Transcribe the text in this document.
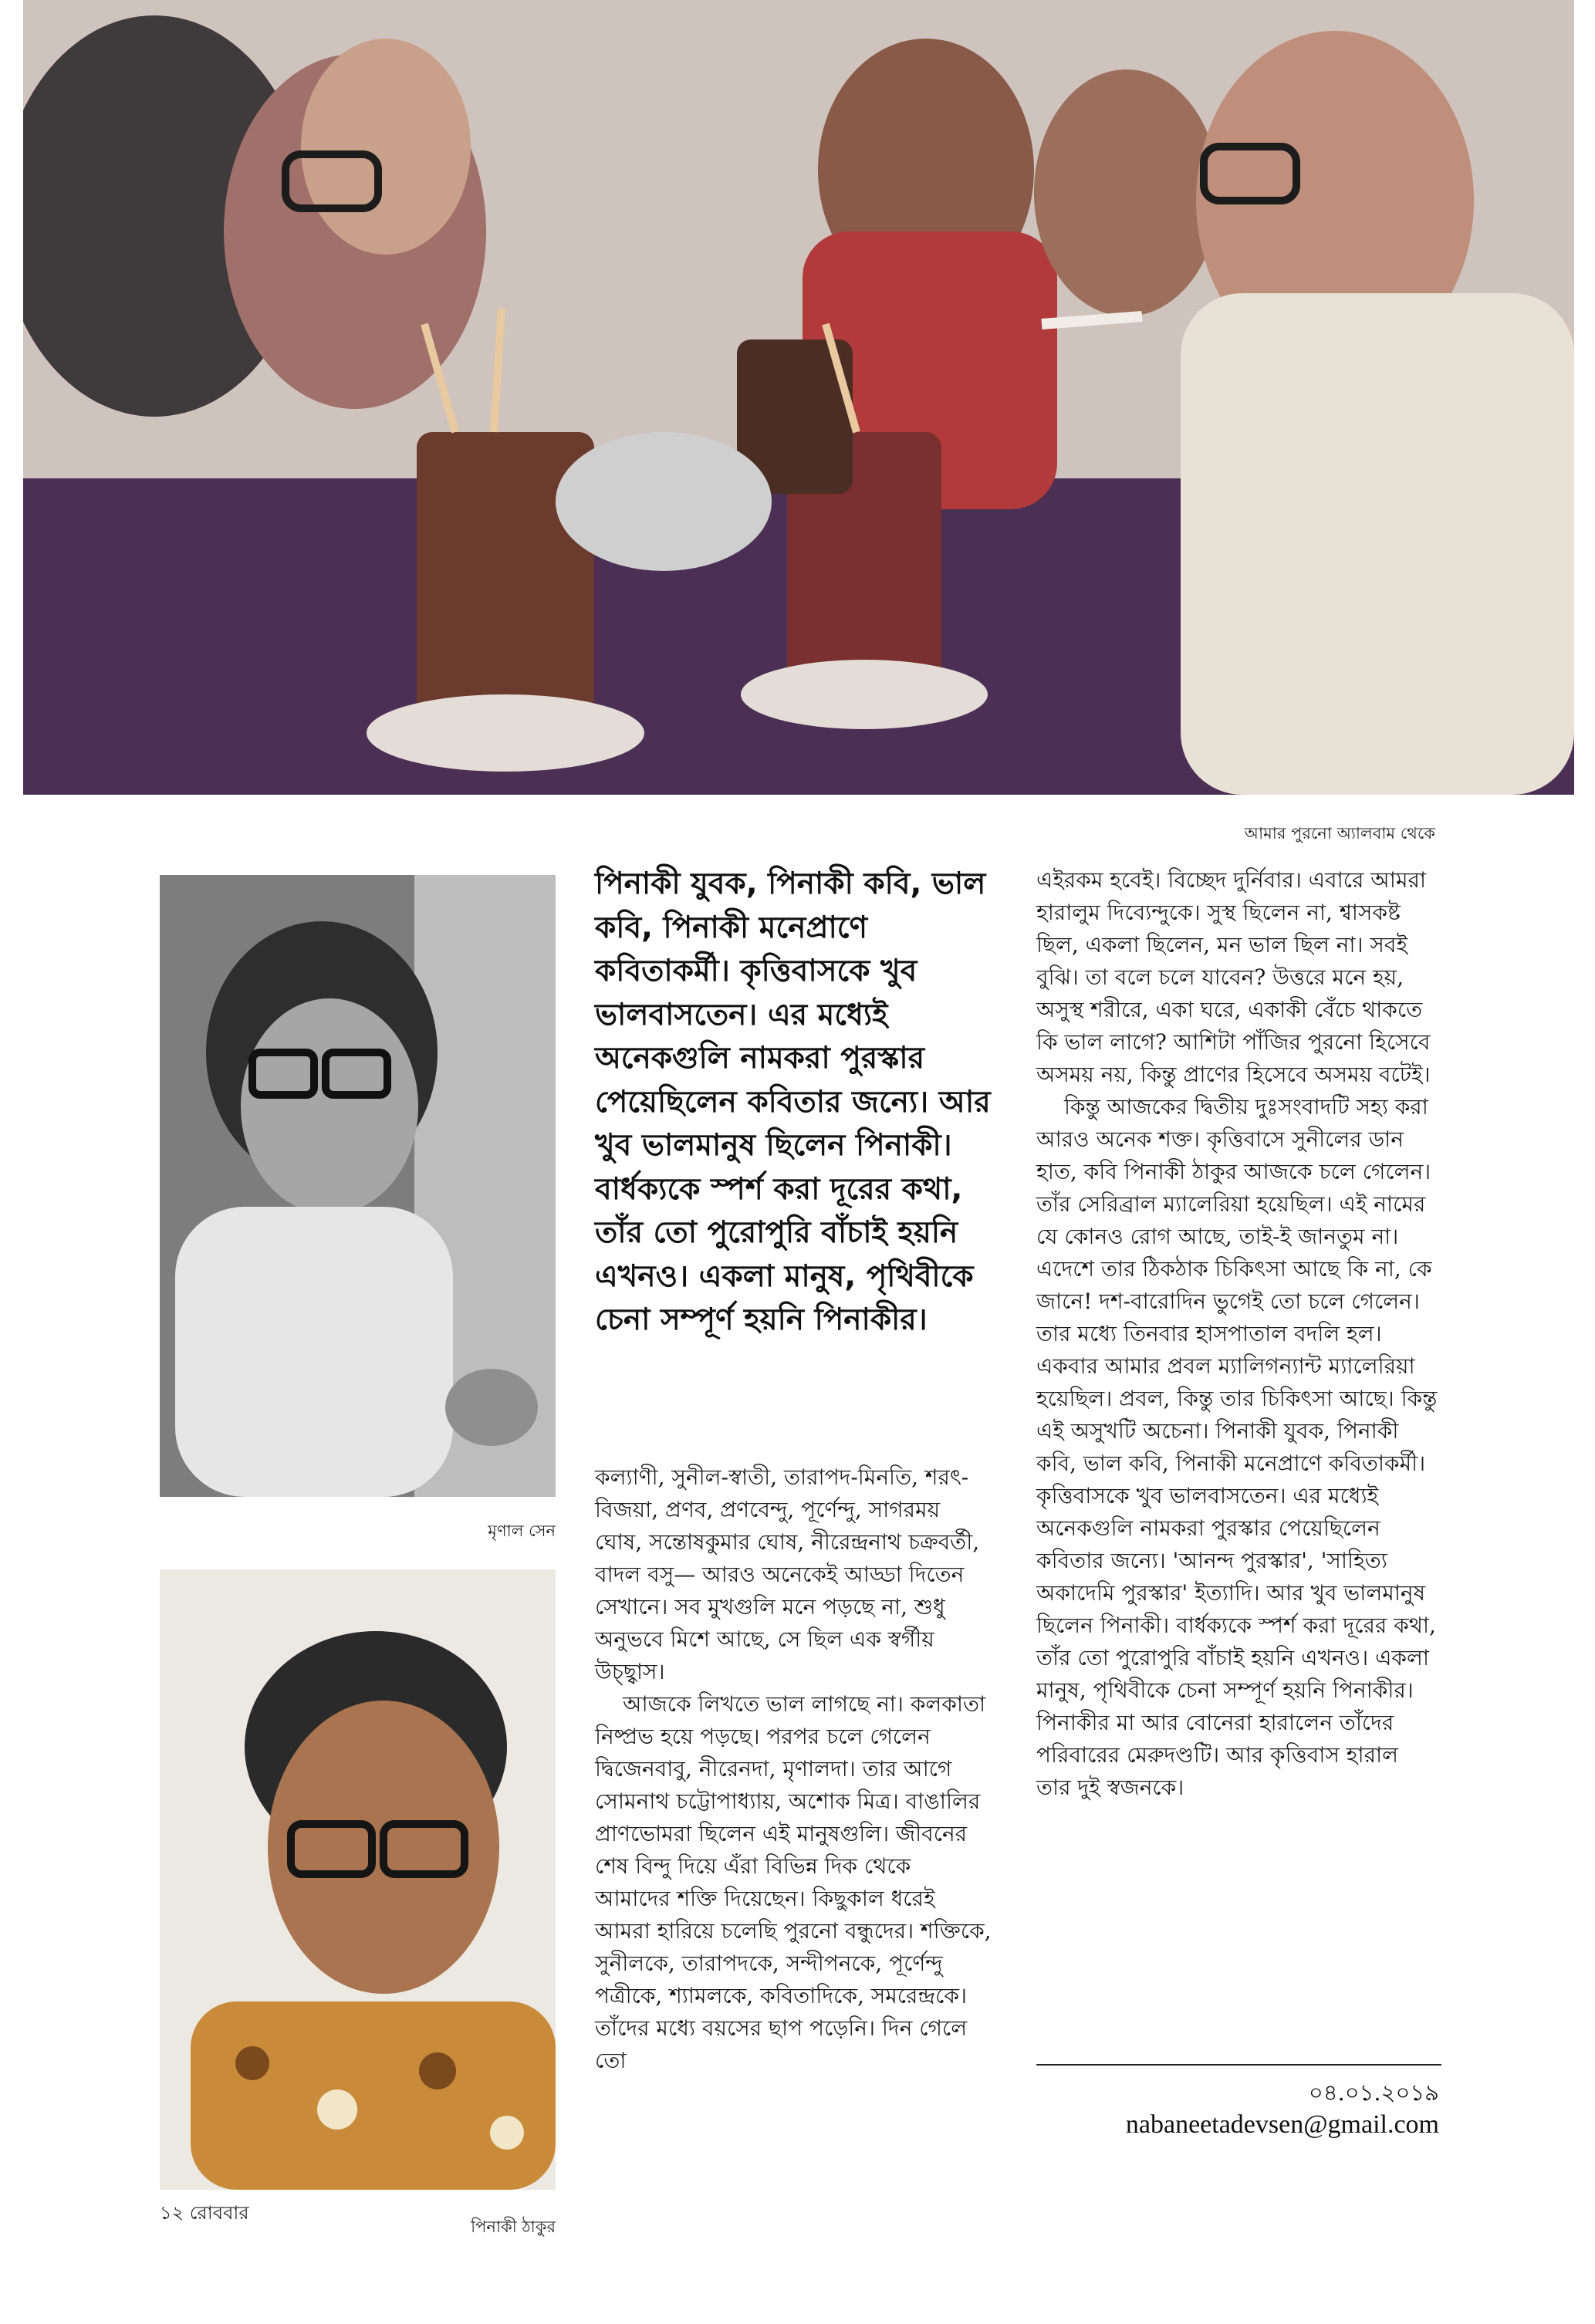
আমার পুরনো অ্যালবাম থেকে
মৃণাল সেন
পিনাকী ঠাকুর

পিনাকী যুবক, পিনাকী কবি, ভাল কবি, পিনাকী মনেপ্রাণে কবিতাকর্মী। কৃত্তিবাসকে খুব ভালবাসতেন। এর মধ্যেই অনেকগুলি নামকরা পুরস্কার পেয়েছিলেন কবিতার জন্যে। আর খুব ভালমানুষ ছিলেন পিনাকী। বার্ধক্যকে স্পর্শ করা দূরের কথা, তাঁর তো পুরোপুরি বাঁচাই হয়নি এখনও। একলা মানুষ, পৃথিবীকে চেনা সম্পূর্ণ হয়নি পিনাকীর।

কল্যাণী, সুনীল-স্বাতী, তারাপদ-মিনতি, শরৎ-বিজয়া, প্রণব, প্রণবেন্দু, পূর্ণেন্দু, সাগরময় ঘোষ, সন্তোষকুমার ঘোষ, নীরেন্দ্রনাথ চক্রবর্তী, বাদল বসু— আরও অনেকেই আড্ডা দিতেন সেখানে। সব মুখগুলি মনে পড়ছে না, শুধু অনুভবে মিশে আছে, সে ছিল এক স্বর্গীয় উচ্ছ্বাস।

আজকে লিখতে ভাল লাগছে না। কলকাতা নিষ্প্রভ হয়ে পড়ছে। পরপর চলে গেলেন দ্বিজেনবাবু, নীরেনদা, মৃণালদা। তার আগে সোমনাথ চট্টোপাধ্যায়, অশোক মিত্র। বাঙালির প্রাণভোমরা ছিলেন এই মানুষগুলি। জীবনের শেষ বিন্দু দিয়ে এঁরা বিভিন্ন দিক থেকে আমাদের শক্তি দিয়েছেন। কিছুকাল ধরেই আমরা হারিয়ে চলেছি পুরনো বন্ধুদের। শক্তিকে, সুনীলকে, তারাপদকে, সন্দীপনকে, পূর্ণেন্দু পত্রীকে, শ্যামলকে, কবিতাদিকে, সমরেন্দ্রকে। তাঁদের মধ্যে বয়সের ছাপ পড়েনি। দিন গেলে তো

এইরকম হবেই। বিচ্ছেদ দুর্নিবার। এবারে আমরা হারালুম দিব্যেন্দুকে। সুস্থ ছিলেন না, শ্বাসকষ্ট ছিল, একলা ছিলেন, মন ভাল ছিল না। সবই বুঝি। তা বলে চলে যাবেন? উত্তরে মনে হয়, অসুস্থ শরীরে, একা ঘরে, একাকী বেঁচে থাকতে কি ভাল লাগে? আশিটা পাঁজির পুরনো হিসেবে অসময় নয়, কিন্তু প্রাণের হিসেবে অসময় বটেই।

কিন্তু আজকের দ্বিতীয় দুঃসংবাদটি সহ্য করা আরও অনেক শক্ত। কৃত্তিবাসে সুনীলের ডান হাত, কবি পিনাকী ঠাকুর আজকে চলে গেলেন। তাঁর সেরিব্রাল ম্যালেরিয়া হয়েছিল। এই নামের যে কোনও রোগ আছে, তাই-ই জানতুম না। এদেশে তার ঠিকঠাক চিকিৎসা আছে কি না, কে জানে! দশ-বারোদিন ভুগেই তো চলে গেলেন। তার মধ্যে তিনবার হাসপাতাল বদলি হল। একবার আমার প্রবল ম্যালিগন্যান্ট ম্যালেরিয়া হয়েছিল। প্রবল, কিন্তু তার চিকিৎসা আছে। কিন্তু এই অসুখটি অচেনা। পিনাকী যুবক, পিনাকী কবি, ভাল কবি, পিনাকী মনেপ্রাণে কবিতাকর্মী। কৃত্তিবাসকে খুব ভালবাসতেন। এর মধ্যেই অনেকগুলি নামকরা পুরস্কার পেয়েছিলেন কবিতার জন্যে। 'আনন্দ পুরস্কার', 'সাহিত্য অকাদেমি পুরস্কার' ইত্যাদি। আর খুব ভালমানুষ ছিলেন পিনাকী। বার্ধক্যকে স্পর্শ করা দূরের কথা, তাঁর তো পুরোপুরি বাঁচাই হয়নি এখনও। একলা মানুষ, পৃথিবীকে চেনা সম্পূর্ণ হয়নি পিনাকীর। পিনাকীর মা আর বোনেরা হারালেন তাঁদের পরিবারের মেরুদণ্ডটি। আর কৃত্তিবাস হারাল তার দুই স্বজনকে।

০৪.০১.২০১৯
nabaneetadevsen@gmail.com
১২ রোববার
